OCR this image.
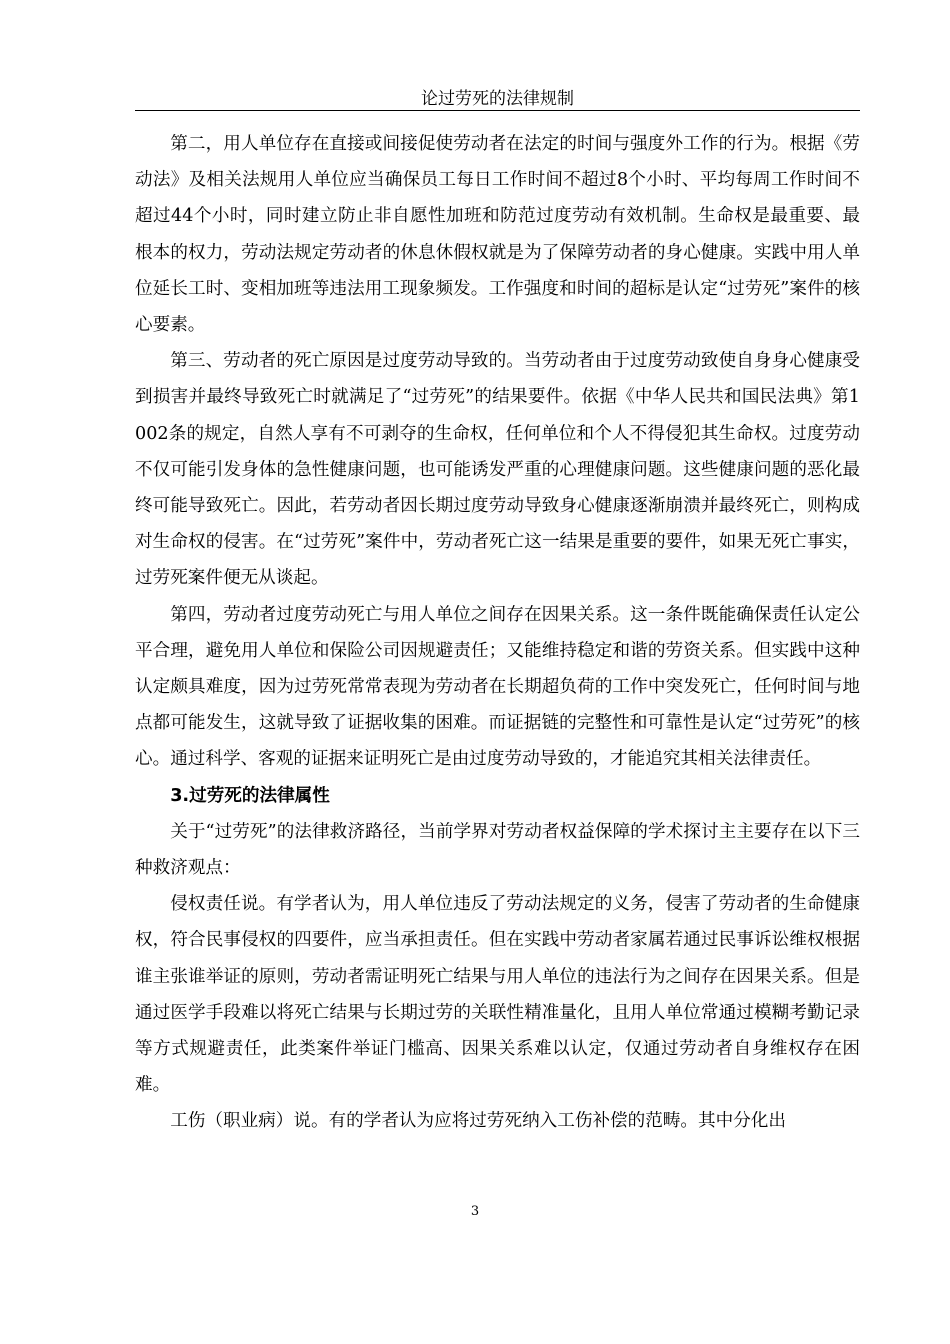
论过劳死的法律规制

第二，用人单位存在直接或间接促使劳动者在法定的时间与强度外工作的行为。根据《劳动法》及相关法规用人单位应当确保员工每日工作时间不超过8个小时、平均每周工作时间不超过44个小时，同时建立防止非自愿性加班和防范过度劳动有效机制。生命权是最重要、最根本的权力，劳动法规定劳动者的休息休假权就是为了保障劳动者的身心健康。实践中用人单位延长工时、变相加班等违法用工现象频发。工作强度和时间的超标是认定“过劳死”案件的核心要素。

第三、劳动者的死亡原因是过度劳动导致的。当劳动者由于过度劳动致使自身身心健康受到损害并最终导致死亡时就满足了“过劳死”的结果要件。依据《中华人民共和国民法典》第1002条的规定，自然人享有不可剥夺的生命权，任何单位和个人不得侵犯其生命权。过度劳动不仅可能引发身体的急性健康问题，也可能诱发严重的心理健康问题。这些健康问题的恶化最终可能导致死亡。因此，若劳动者因长期过度劳动导致身心健康逐渐崩溃并最终死亡，则构成对生命权的侵害。在“过劳死”案件中，劳动者死亡这一结果是重要的要件，如果无死亡事实，过劳死案件便无从谈起。

第四，劳动者过度劳动死亡与用人单位之间存在因果关系。这一条件既能确保责任认定公平合理，避免用人单位和保险公司因规避责任；又能维持稳定和谐的劳资关系。但实践中这种认定颇具难度，因为过劳死常常表现为劳动者在长期超负荷的工作中突发死亡，任何时间与地点都可能发生，这就导致了证据收集的困难。而证据链的完整性和可靠性是认定“过劳死”的核心。通过科学、客观的证据来证明死亡是由过度劳动导致的，才能追究其相关法律责任。

3.过劳死的法律属性

关于“过劳死”的法律救济路径，当前学界对劳动者权益保障的学术探讨主主要存在以下三种救济观点：

侵权责任说。有学者认为，用人单位违反了劳动法规定的义务，侵害了劳动者的生命健康权，符合民事侵权的四要件，应当承担责任。但在实践中劳动者家属若通过民事诉讼维权根据谁主张谁举证的原则，劳动者需证明死亡结果与用人单位的违法行为之间存在因果关系。但是通过医学手段难以将死亡结果与长期过劳的关联性精准量化，且用人单位常通过模糊考勤记录等方式规避责任，此类案件举证门槛高、因果关系难以认定，仅通过劳动者自身维权存在困难。

工伤（职业病）说。有的学者认为应将过劳死纳入工伤补偿的范畴。其中分化出

3
